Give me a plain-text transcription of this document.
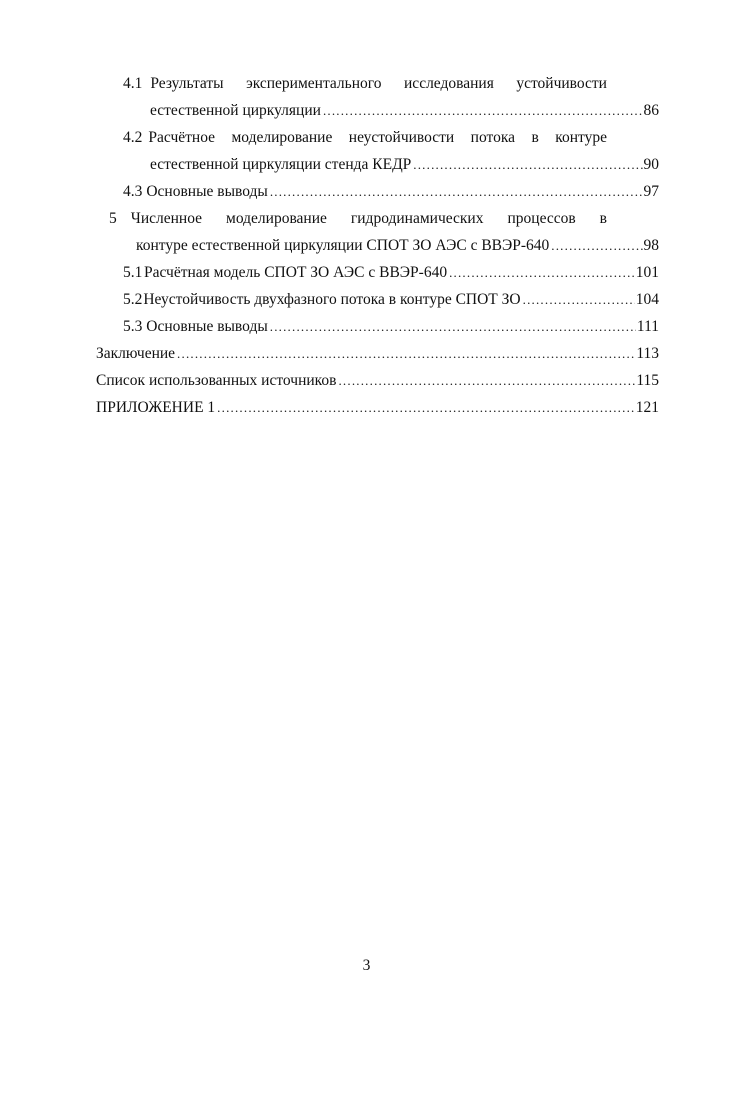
4.1 Результаты экспериментального исследования устойчивости
естественной циркуляции .....	86
4.2 Расчётное моделирование неустойчивости потока в контуре
естественной циркуляции стенда КЕДР .....	90
4.3 Основные выводы .....	97
5 Численное моделирование гидродинамических процессов в
контуре естественной циркуляции СПОТ ЗО АЭС с ВВЭР-640 .....	98
5.1 Расчётная модель СПОТ ЗО АЭС с ВВЭР-640 .....	101
5.2 Неустойчивость двухфазного потока в контуре СПОТ ЗО .....	104
5.3 Основные выводы .....	111
Заключение .....	113
Список использованных источников .....	115
ПРИЛОЖЕНИЕ 1 .....	121
3
